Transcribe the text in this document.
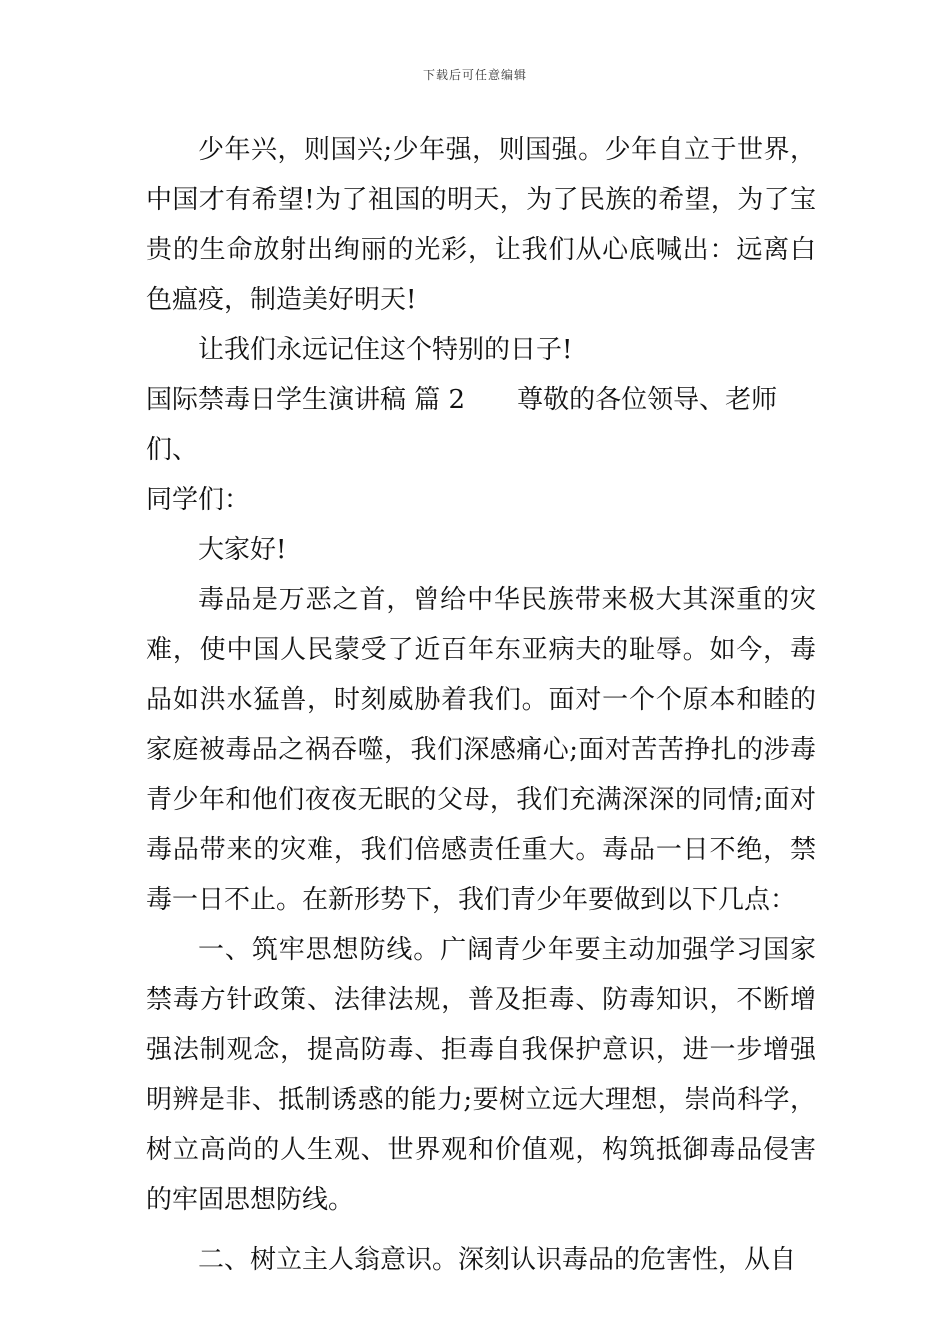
下载后可任意编辑

少年兴，则国兴;少年强，则国强。少年自立于世界，中国才有希望!为了祖国的明天，为了民族的希望，为了宝贵的生命放射出绚丽的光彩，让我们从心底喊出：远离白色瘟疫，制造美好明天!

让我们永远记住这个特别的日子!

国际禁毒日学生演讲稿 篇 2 尊敬的各位领导、老师们、

同学们：

大家好!

毒品是万恶之首，曾给中华民族带来极大其深重的灾难，使中国人民蒙受了近百年东亚病夫的耻辱。如今，毒品如洪水猛兽，时刻威胁着我们。面对一个个原本和睦的家庭被毒品之祸吞噬，我们深感痛心;面对苦苦挣扎的涉毒青少年和他们夜夜无眠的父母，我们充满深深的同情;面对毒品带来的灾难，我们倍感责任重大。毒品一日不绝，禁毒一日不止。在新形势下，我们青少年要做到以下几点：

一、筑牢思想防线。广阔青少年要主动加强学习国家禁毒方针政策、法律法规，普及拒毒、防毒知识，不断增强法制观念，提高防毒、拒毒自我保护意识，进一步增强明辨是非、抵制诱惑的能力;要树立远大理想，崇尚科学，树立高尚的人生观、世界观和价值观，构筑抵御毒品侵害的牢固思想防线。

二、树立主人翁意识。深刻认识毒品的危害性，从自
